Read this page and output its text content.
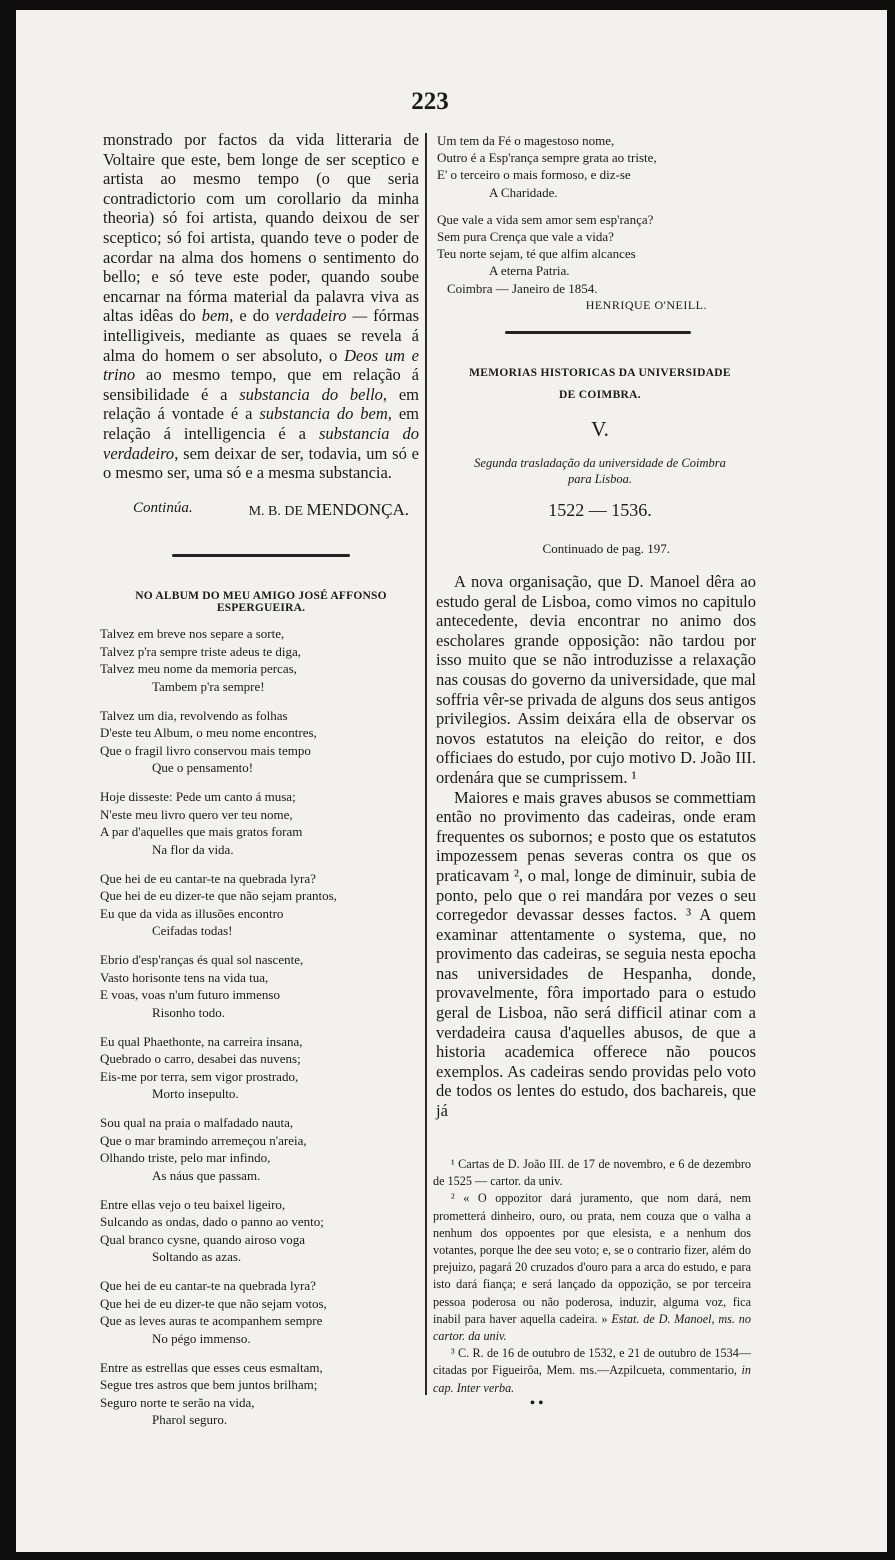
223

monstrado por factos da vida litteraria de Voltaire que este, bem longe de ser sceptico e artista ao mesmo tempo (o que seria contradictorio com um corollario da minha theoria) só foi artista, quando deixou de ser sceptico; só foi artista, quando teve o poder de acordar na alma dos homens o sentimento do bello; e só teve este poder, quando soube encarnar na fórma material da palavra viva as altas idêas do bem, e do verdadeiro — fórmas intelligiveis, mediante as quaes se revela á alma do homem o ser absoluto, o Deos um e trino ao mesmo tempo, que em relação á sensibilidade é a substancia do bello, em relação á vontade é a substancia do bem, em relação á intelligencia é a substancia do verdadeiro, sem deixar de ser, todavia, um só e o mesmo ser, uma só e a mesma substancia.

Continúa.	M. B. DE MENDONÇA.
NO ALBUM DO MEU AMIGO JOSÉ AFFONSO ESPERGUEIRA.
Talvez em breve nos separe a sorte,
Talvez p'ra sempre triste adeus te diga,
Talvez meu nome da memoria percas,
Tambem p'ra sempre!
Talvez um dia, revolvendo as folhas
D'este teu Album, o meu nome encontres,
Que o fragil livro conservou mais tempo
Que o pensamento!
Hoje disseste: Pede um canto á musa;
N'este meu livro quero ver teu nome,
A par d'aquelles que mais gratos foram
Na flor da vida.
Que hei de eu cantar-te na quebrada lyra?
Que hei de eu dizer-te que não sejam prantos,
Eu que da vida as illusões encontro
Ceifadas todas!
Ebrio d'esp'ranças és qual sol nascente,
Vasto horisonte tens na vida tua,
E voas, voas n'um futuro immenso
Risonho todo.
Eu qual Phaethonte, na carreira insana,
Quebrado o carro, desabei das nuvens;
Eis-me por terra, sem vigor prostrado,
Morto insepulto.
Sou qual na praia o malfadado nauta,
Que o mar bramindo arremeçou n'areia,
Olhando triste, pelo mar infindo,
As náus que passam.
Entre ellas vejo o teu baixel ligeiro,
Sulcando as ondas, dado o panno ao vento;
Qual branco cysne, quando airoso voga
Soltando as azas.
Que hei de eu cantar-te na quebrada lyra?
Que hei de eu dizer-te que não sejam votos,
Que as leves auras te acompanhem sempre
No pégo immenso.
Entre as estrellas que esses ceus esmaltam,
Segue tres astros que bem juntos brilham;
Seguro norte te serão na vida,
Pharol seguro.
Um tem da Fé o magestoso nome,
Outro é a Esp'rança sempre grata ao triste,
E' o terceiro o mais formoso, e diz-se
A Charidade.
Que vale a vida sem amor sem esp'rança?
Sem pura Crença que vale a vida?
Teu norte sejam, té que alfim alcances
A eterna Patria.
Coimbra — Janeiro de 1854.
HENRIQUE O'NEILL.
MEMORIAS HISTORICAS DA UNIVERSIDADE
DE COIMBRA.
V.
Segunda trasladação da universidade de Coimbra
para Lisboa.
1522 — 1536.
Continuado de pag. 197.

A nova organisação, que D. Manoel dêra ao estudo geral de Lisboa, como vimos no capitulo antecedente, devia encontrar no animo dos escholares grande opposição: não tardou por isso muito que se não introduzisse a relaxação nas cousas do governo da universidade, que mal soffria vêr-se privada de alguns dos seus antigos privilegios. Assim deixára ella de observar os novos estatutos na eleição do reitor, e dos officiaes do estudo, por cujo motivo D. João III. ordenára que se cumprissem. ¹

Maiores e mais graves abusos se commettiam então no provimento das cadeiras, onde eram frequentes os subornos; e posto que os estatutos impozessem penas severas contra os que os praticavam ², o mal, longe de diminuir, subia de ponto, pelo que o rei mandára por vezes o seu corregedor devassar desses factos. ³ A quem examinar attentamente o systema, que, no provimento das cadeiras, se seguia nesta epocha nas universidades de Hespanha, donde, provavelmente, fôra importado para o estudo geral de Lisboa, não será difficil atinar com a verdadeira causa d'aquelles abusos, de que a historia academica offerece não poucos exemplos. As cadeiras sendo providas pelo voto de todos os lentes do estudo, dos bachareis, que já

¹ Cartas de D. João III. de 17 de novembro, e 6 de dezembro de 1525 — cartor. da univ.

² « O oppozitor dará juramento, que nom dará, nem prometterá dinheiro, ouro, ou prata, nem couza que o valha a nenhum dos oppoentes por que elesista, e a nenhum dos votantes, porque lhe dee seu voto; e, se o contrario fizer, além do prejuizo, pagará 20 cruzados d'ouro para a arca do estudo, e para isto dará fiança; e será lançado da oppozição, se por terceira pessoa poderosa ou não poderosa, induzir, alguma voz, fica inabil para haver aquella cadeira. » Estat. de D. Manoel, ms. no cartor. da univ.

³ C. R. de 16 de outubro de 1532, e 21 de outubro de 1534—citadas por Figueirôa, Mem. ms.—Azpilcueta, commentario, in cap. Inter verba.

• •
